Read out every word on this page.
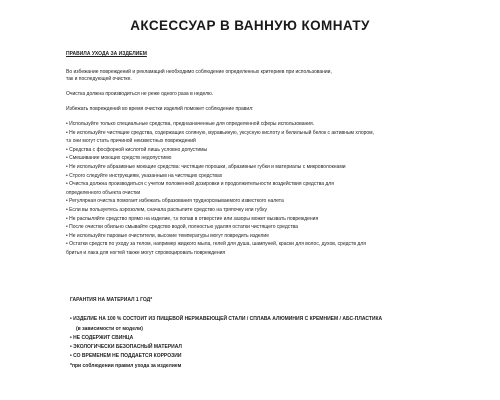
АКСЕССУАР В ВАННУЮ КОМНАТУ
ПРАВИЛА УХОДА ЗА ИЗДЕЛИЕМ

Во избежание повреждений и рекламаций необходимо соблюдение определенных критериев при использовании,

так и последующей очистке.

Очистка должна производиться не реже одного раза в неделю.

Избежать повреждений во время очистки изделий поможет соблюдение правил:

• Используйте только специальные средства, предназначенные для определенной сферы использования.
• Не используйте чистящие средства, содержащих соляную, муравьиную, уксусную кислоту и белильный белок с активным хлором,
т.к они могут стать причиной неизвестных повреждений
• Средства с фосфорной кислотой лишь условно допустимы
• Смешивание моющих средств недопустимо
• Не используйте абразивные моющие средства: чистящие порошки, абразивные губки и материалы с микроволокнами
• Строго следуйте инструкциям, указанным на чистящих средствах
• Очистка должна производиться с учетом положенной дозировки и продолжительности воздействия средства для
определенного объекта очистки
• Регулярная очистка помогает избежать образования труднорсмываемого известкого налета
• Если вы пользуетесь аэрозолем, сначала распылите средство на тряпочку или губку
• Не распыляйте средство прямо на изделие, т.к попав в отверстие или зазоры может вызвать повреждения
• После очистки обильно смывайте средство водой, полностью удаляя остатки чистящего средства
• Не используйте паровые очистители, высокие температуры могут повредить изделие
• Остатки средств по уходу за телом, например жидкого мыла, гелей для душа, шампуней, краски для волос, духов, средств для
бритья и лака для ногтей также могут спровоцировать повреждения
ГАРАНТИЯ НА МАТЕРИАЛ 1 ГОД*
• ИЗДЕЛИЕ НА 100 % СОСТОИТ ИЗ ПИЩЕВОЙ НЕРЖАВЕЮЩЕЙ СТАЛИ / СПЛАВА АЛЮМИНИЯ С КРЕМНИЕМ / АБС-ПЛАСТИКА
(в зависимости от модели)
• НЕ СОДЕРЖИТ СВИНЦА
• ЭКОЛОГИЧЕСКИ БЕЗОПАСНЫЙ МАТЕРИАЛ
• СО ВРЕМЕНЕМ НЕ ПОДДАЕТСЯ КОРРОЗИИ

*при соблюдении правил ухода за изделием
